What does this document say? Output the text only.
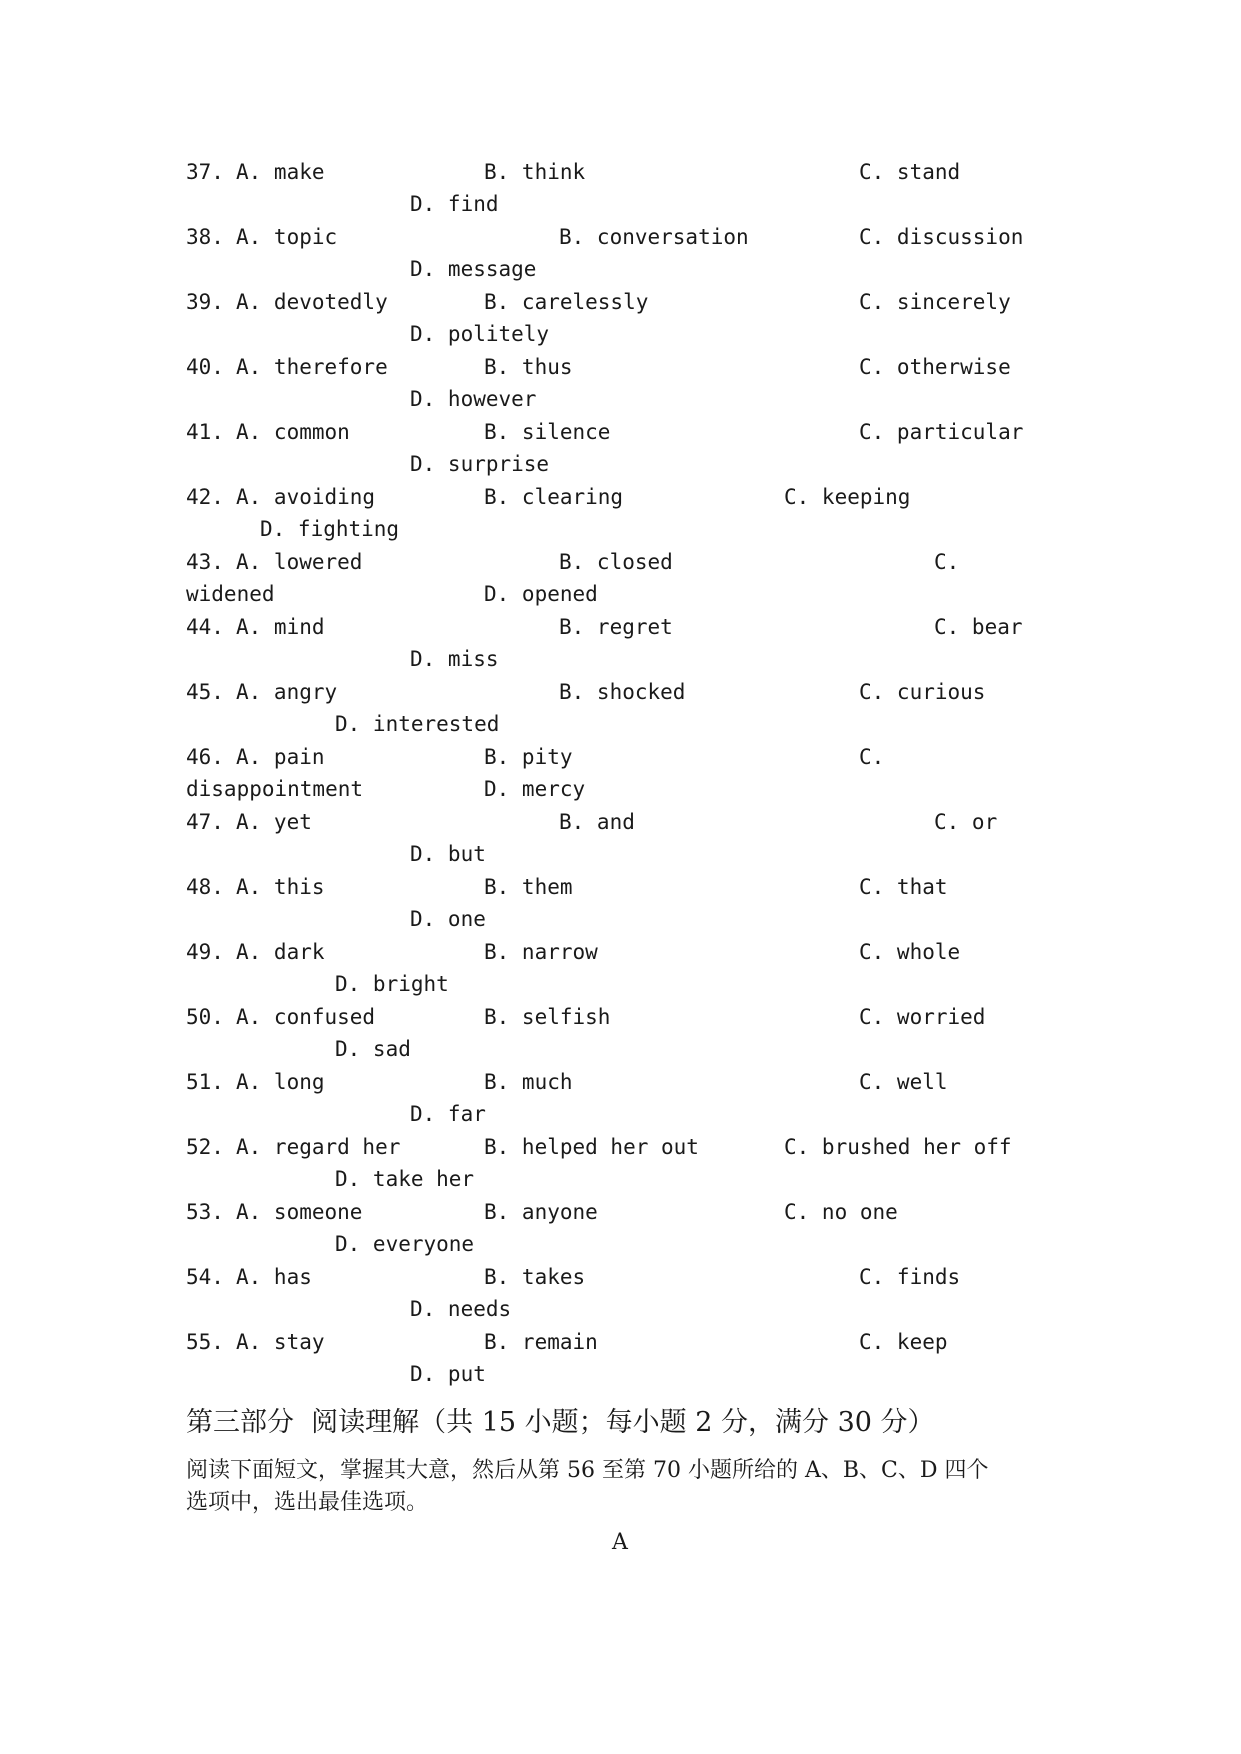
37. A. make	B. think	C. stand
D. find
38. A. topic	B. conversation	C. discussion
D. message
39. A. devotedly	B. carelessly	C. sincerely
D. politely
40. A. therefore	B. thus	C. otherwise
D. however
41. A. common	B. silence	C. particular
D. surprise
42. A. avoiding	B. clearing	C. keeping
D. fighting
43. A. lowered	B. closed	C.
widened	D. opened
44. A. mind	B. regret	C. bear
D. miss
45. A. angry	B. shocked	C. curious
D. interested
46. A. pain	B. pity	C.
disappointment	D. mercy
47. A. yet	B. and	C. or
D. but
48. A. this	B. them	C. that
D. one
49. A. dark	B. narrow	C. whole
D. bright
50. A. confused	B. selfish	C. worried
D. sad
51. A. long	B. much	C. well
D. far
52. A. regard her	B. helped her out	C. brushed her off
D. take her
53. A. someone	B. anyone	C. no one
D. everyone
54. A. has	B. takes	C. finds
D. needs
55. A. stay	B. remain	C. keep
D. put
第三部分  阅读理解（共 15 小题；每小题 2 分，满分 30 分）
阅读下面短文，掌握其大意，然后从第 56 至第 70 小题所给的 A、B、C、D 四个
选项中，选出最佳选项。
A
